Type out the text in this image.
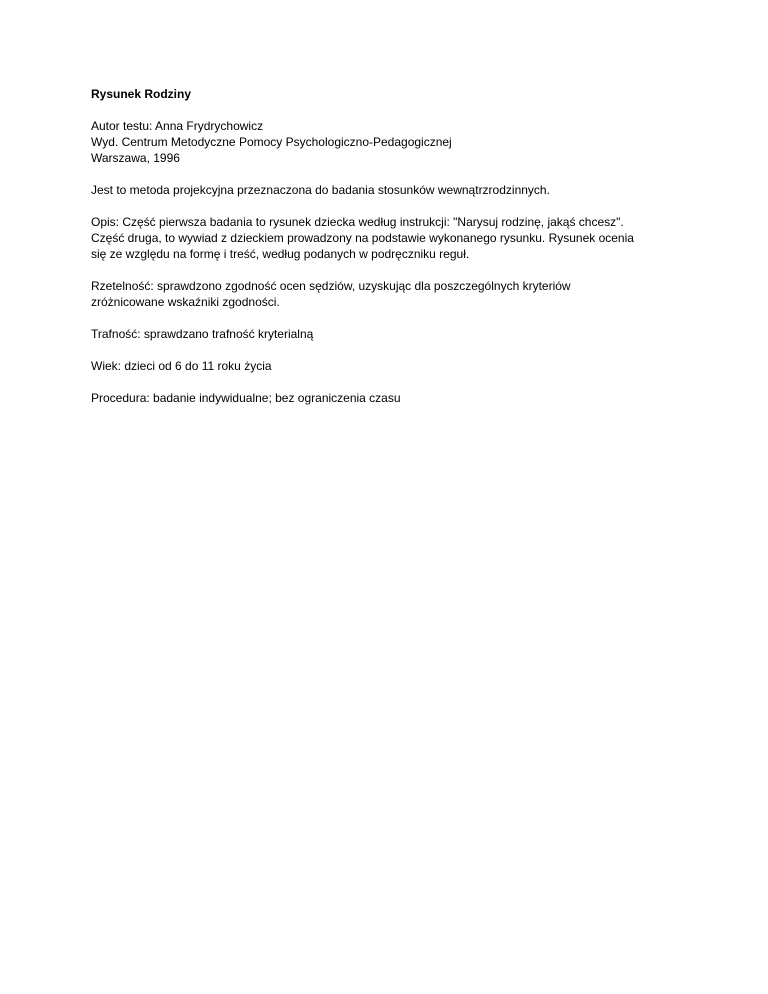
Rysunek Rodziny
Autor testu: Anna Frydrychowicz
Wyd. Centrum Metodyczne Pomocy Psychologiczno-Pedagogicznej
Warszawa, 1996
Jest to metoda projekcyjna przeznaczona do badania stosunków wewnątrzrodzinnych.
Opis: Część pierwsza badania to rysunek dziecka według instrukcji: "Narysuj rodzinę, jakąś chcesz".
Część druga, to wywiad z dzieckiem prowadzony na podstawie wykonanego rysunku. Rysunek ocenia
się ze względu na formę i treść, według podanych w podręczniku reguł.
Rzetelność: sprawdzono zgodność ocen sędziów, uzyskując dla poszczególnych kryteriów
zróżnicowane wskaźniki zgodności.
Trafność: sprawdzano trafność kryterialną
Wiek: dzieci od 6 do 11 roku życia
Procedura: badanie indywidualne; bez ograniczenia czasu
